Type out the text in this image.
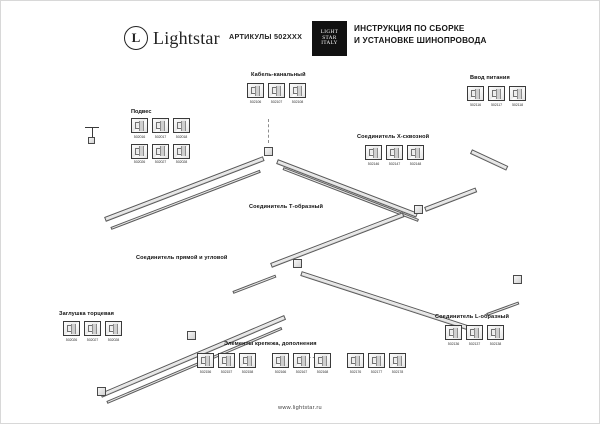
L Lightstar АРТИКУЛЫ 502XXX	LIGHT
STAR
ITALY
ИНСТРУКЦИЯ ПО СБОРКЕ
И УСТАНОВКЕ ШИНОПРОВОДА
Кабель-канальный	Ввод питания
Соединитель X-сквозной
Соединитель Т-образный
Соединитель прямой и угловой
Заглушка торцевая	Соединитель L-образный
Элементы крепежа, дополнения
Подвес
502016	502017	502018
502026	502027	502028
502106	502107	502108
502116	502117	502118
502146	502147	502148
502026	502027	502028
502136	502137	502138
502156	502157	502158	502166	502167	502168	502176	502177	502178
www.lightstar.ru
